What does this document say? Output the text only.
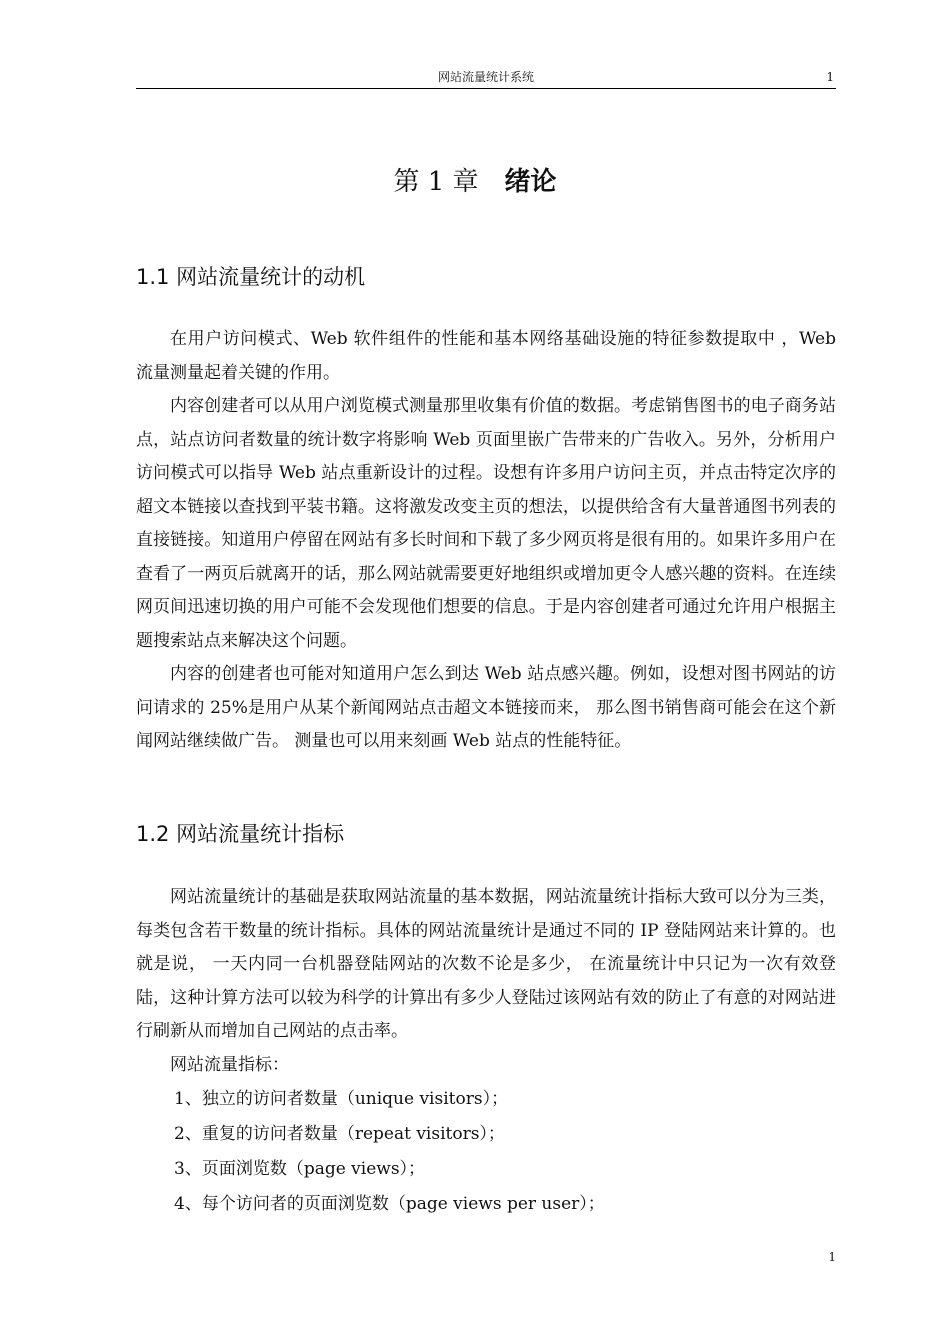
网站流量统计系统	1
第 1 章 绪论
1.1 网站流量统计的动机

在用户访问模式、Web 软件组件的性能和基本网络基础设施的特征参数提取中 ，Web 流量测量起着关键的作用。

内容创建者可以从用户浏览模式测量那里收集有价值的数据。考虑销售图书的电子商务站点，站点访问者数量的统计数字将影响 Web 页面里嵌广告带来的广告收入。另外，分析用户访问模式可以指导 Web 站点重新设计的过程。设想有许多用户访问主页，并点击特定次序的超文本链接以查找到平装书籍。这将激发改变主页的想法，以提供给含有大量普通图书列表的直接链接。知道用户停留在网站有多长时间和下载了多少网页将是很有用的。如果许多用户在查看了一两页后就离开的话，那么网站就需要更好地组织或增加更令人感兴趣的资料。在连续网页间迅速切换的用户可能不会发现他们想要的信息。于是内容创建者可通过允许用户根据主题搜索站点来解决这个问题。

内容的创建者也可能对知道用户怎么到达 Web 站点感兴趣。例如，设想对图书网站的访问请求的 25%是用户从某个新闻网站点击超文本链接而来， 那么图书销售商可能会在这个新闻网站继续做广告。 测量也可以用来刻画 Web 站点的性能特征。

1.2 网站流量统计指标

网站流量统计的基础是获取网站流量的基本数据，网站流量统计指标大致可以分为三类，每类包含若干数量的统计指标。具体的网站流量统计是通过不同的 IP 登陆网站来计算的。也就是说， 一天内同一台机器登陆网站的次数不论是多少， 在流量统计中只记为一次有效登陆，这种计算方法可以较为科学的计算出有多少人登陆过该网站有效的防止了有意的对网站进行刷新从而增加自己网站的点击率。

网站流量指标：

1、独立的访问者数量（unique visitors）；

2、重复的访问者数量（repeat visitors）；

3、页面浏览数（page views）；

4、每个访问者的页面浏览数（page views per user）；

1
